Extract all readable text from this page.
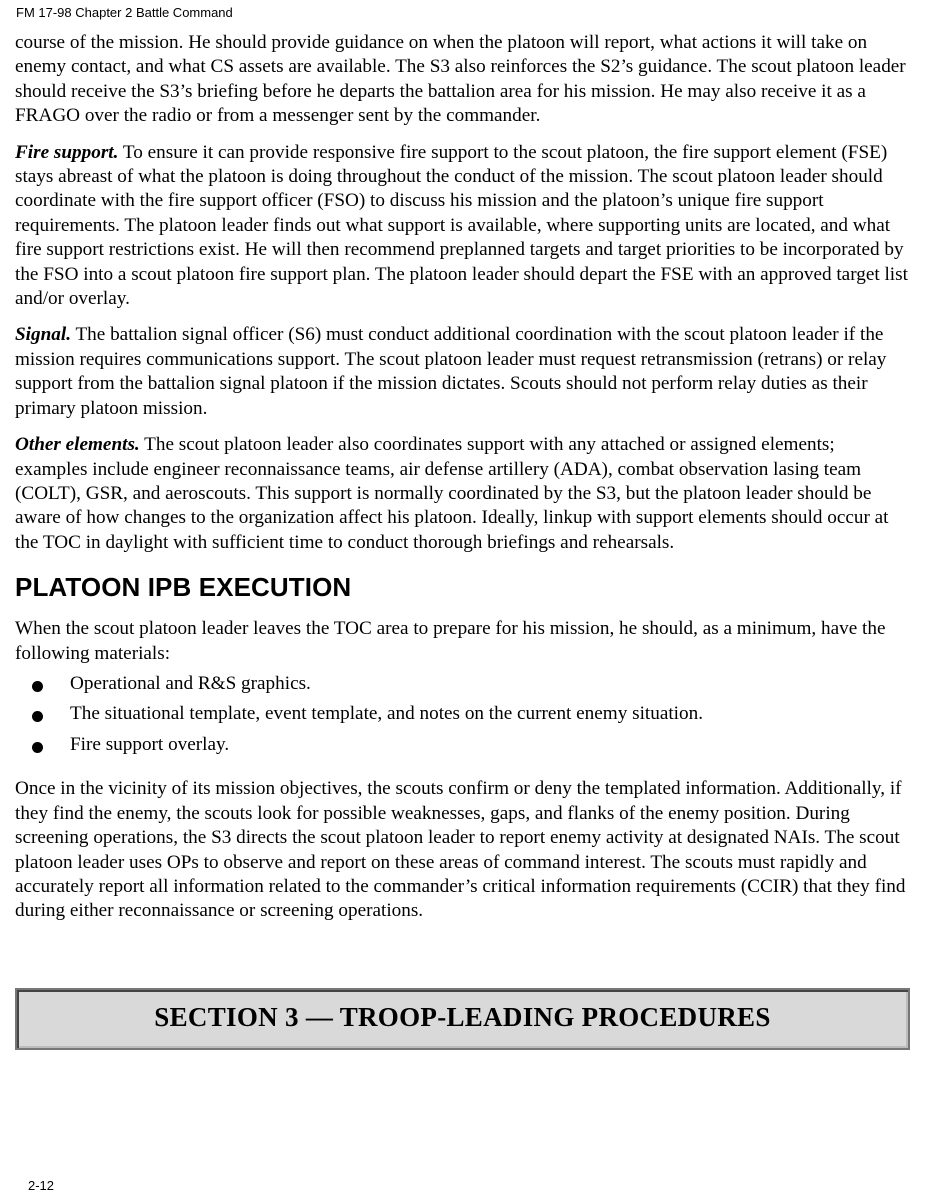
FM 17-98 Chapter 2 Battle Command

course of the mission. He should provide guidance on when the platoon will report, what actions it will take on enemy contact, and what CS assets are available. The S3 also reinforces the S2’s guidance. The scout platoon leader should receive the S3’s briefing before he departs the battalion area for his mission. He may also receive it as a FRAGO over the radio or from a messenger sent by the commander.

Fire support. To ensure it can provide responsive fire support to the scout platoon, the fire support element (FSE) stays abreast of what the platoon is doing throughout the conduct of the mission. The scout platoon leader should coordinate with the fire support officer (FSO) to discuss his mission and the platoon’s unique fire support requirements. The platoon leader finds out what support is available, where supporting units are located, and what fire support restrictions exist. He will then recommend preplanned targets and target priorities to be incorporated by the FSO into a scout platoon fire support plan. The platoon leader should depart the FSE with an approved target list and/or overlay.

Signal. The battalion signal officer (S6) must conduct additional coordination with the scout platoon leader if the mission requires communications support. The scout platoon leader must request retransmission (retrans) or relay support from the battalion signal platoon if the mission dictates. Scouts should not perform relay duties as their primary platoon mission.

Other elements. The scout platoon leader also coordinates support with any attached or assigned elements; examples include engineer reconnaissance teams, air defense artillery (ADA), combat observation lasing team (COLT), GSR, and aeroscouts. This support is normally coordinated by the S3, but the platoon leader should be aware of how changes to the organization affect his platoon. Ideally, linkup with support elements should occur at the TOC in daylight with sufficient time to conduct thorough briefings and rehearsals.

PLATOON IPB EXECUTION

When the scout platoon leader leaves the TOC area to prepare for his mission, he should, as a minimum, have the following materials:

Operational and R&S graphics.
The situational template, event template, and notes on the current enemy situation.
Fire support overlay.

Once in the vicinity of its mission objectives, the scouts confirm or deny the templated information. Additionally, if they find the enemy, the scouts look for possible weaknesses, gaps, and flanks of the enemy position. During screening operations, the S3 directs the scout platoon leader to report enemy activity at designated NAIs. The scout platoon leader uses OPs to observe and report on these areas of command interest. The scouts must rapidly and accurately report all information related to the commander’s critical information requirements (CCIR) that they find during either reconnaissance or screening operations.

SECTION 3 — TROOP-LEADING PROCEDURES
2-12
